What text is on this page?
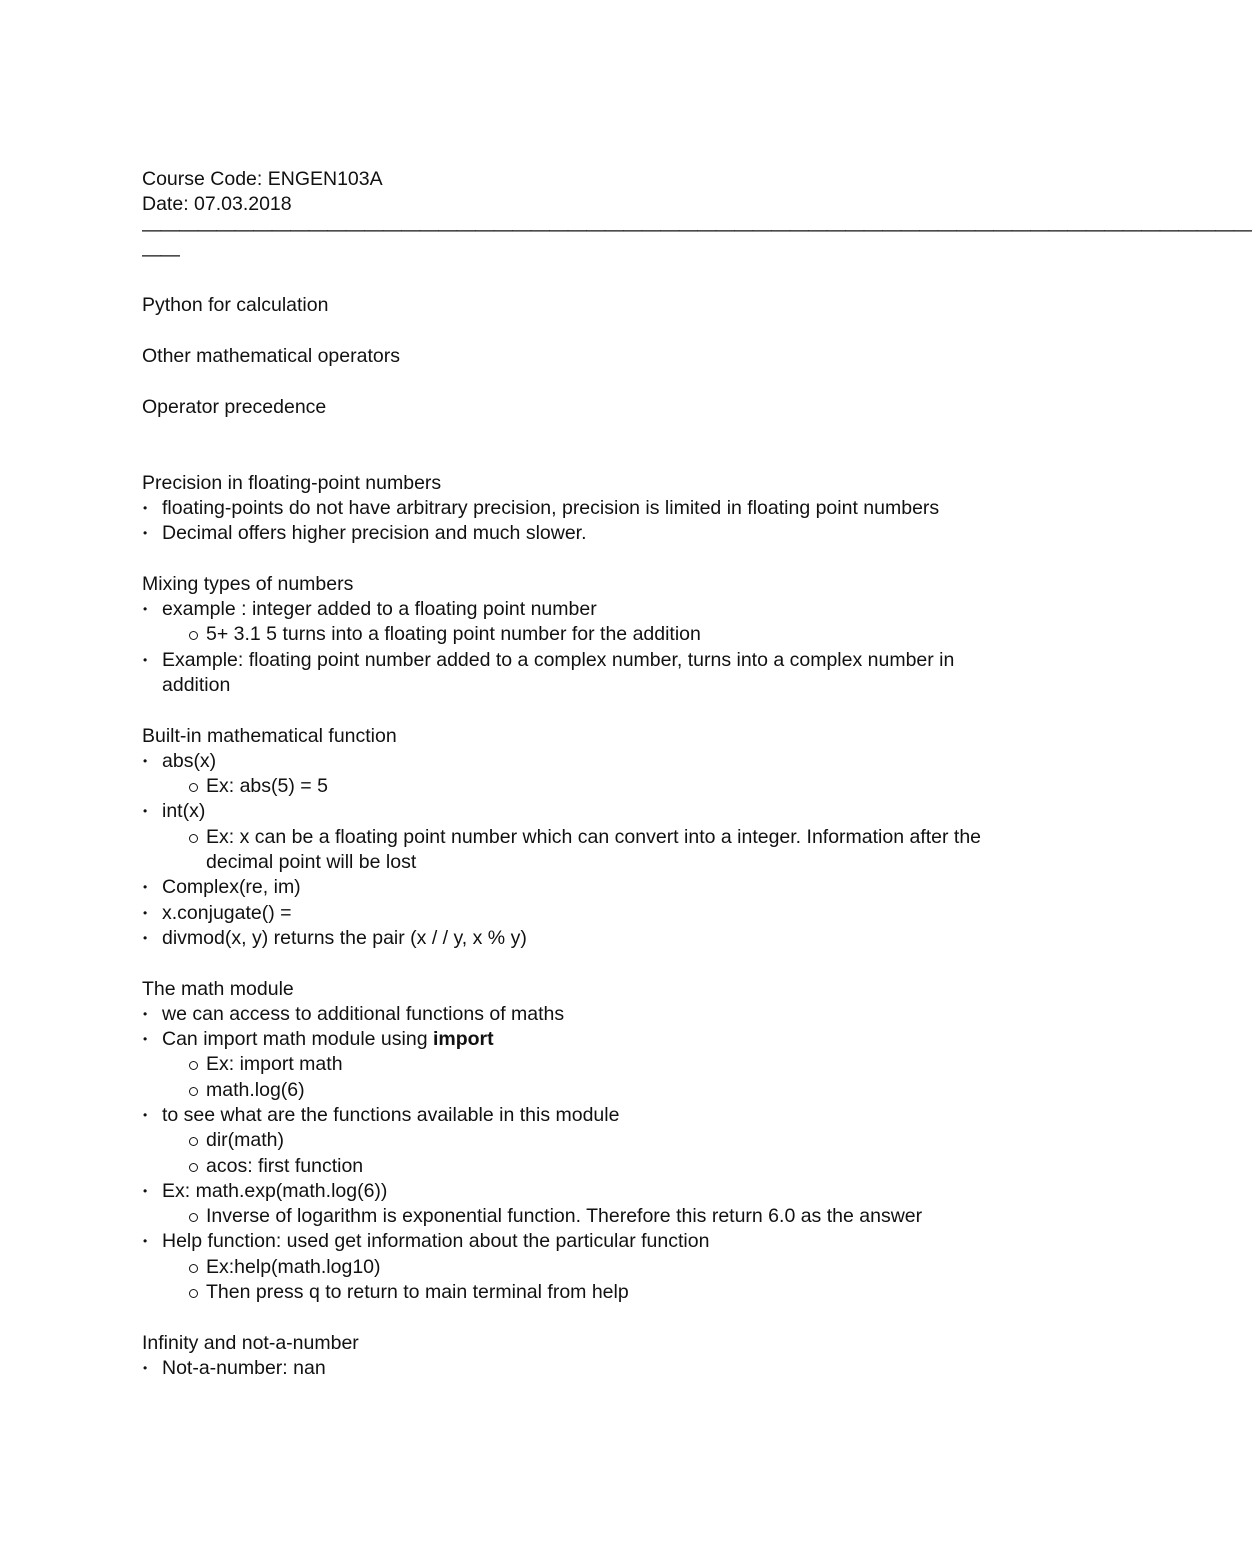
Course Code: ENGEN103A
Date: 07.03.2018
————————————————————————————————————————————————————————————
——
Python for calculation
Other mathematical operators
Operator precedence
Precision in floating-point numbers
• floating-points do not have arbitrary precision, precision is limited in floating point numbers
• Decimal offers higher precision and much slower.
Mixing types of numbers
• example : integer added to a floating point number
5+ 3.1 5 turns into a floating point number for the addition
• Example: floating point number added to a complex number, turns into a complex number in
addition
Built-in mathematical function
• abs(x)
Ex: abs(5) = 5
• int(x)
Ex: x can be a floating point number which can convert into a integer. Information after the
decimal point will be lost
• Complex(re, im)
• x.conjugate() =
• divmod(x, y) returns the pair (x / / y, x % y)
The math module
• we can access to additional functions of maths
• Can import math module using import
Ex: import math
math.log(6)
• to see what are the functions available in this module
dir(math)
acos: first function
• Ex: math.exp(math.log(6))
Inverse of logarithm is exponential function. Therefore this return 6.0 as the answer
• Help function: used get information about the particular function
Ex:help(math.log10)
Then press q to return to main terminal from help
Infinity and not-a-number
• Not-a-number: nan
